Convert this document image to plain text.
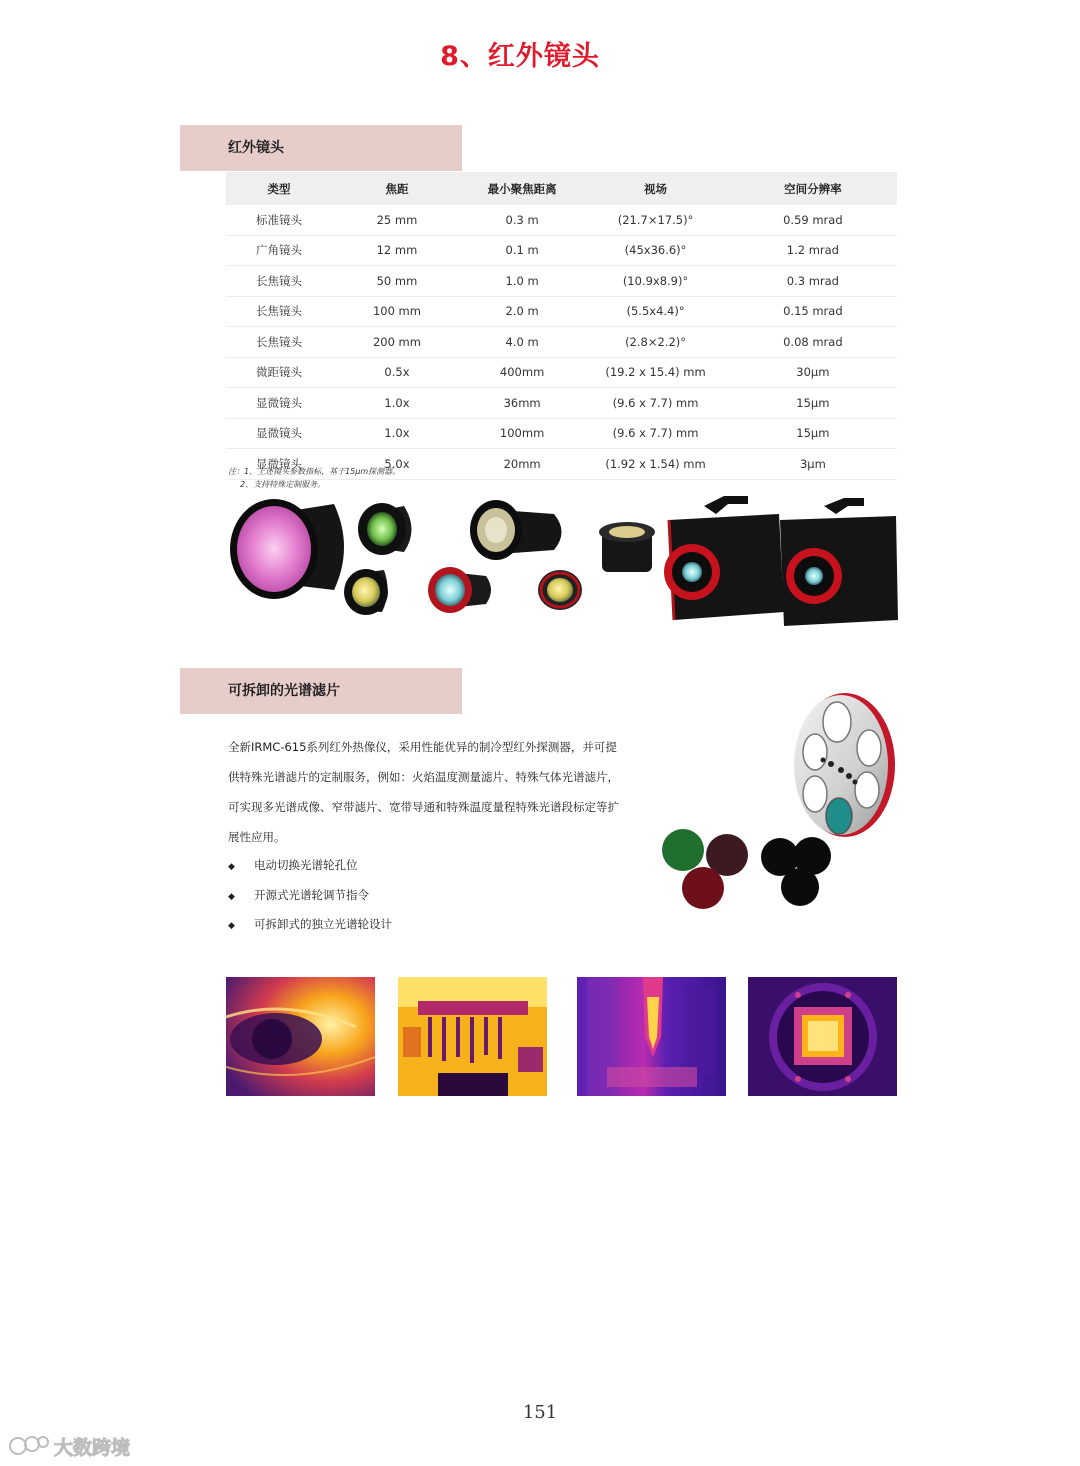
8、红外镜头
红外镜头
类型	焦距	最小聚焦距离	视场	空间分辨率
标准镜头	25 mm	0.3 m	(21.7×17.5)°	0.59 mrad
广角镜头	12 mm	0.1 m	(45x36.6)°	1.2 mrad
长焦镜头	50 mm	1.0 m	(10.9x8.9)°	0.3 mrad
长焦镜头	100 mm	2.0 m	(5.5x4.4)°	0.15 mrad
长焦镜头	200 mm	4.0 m	(2.8×2.2)°	0.08 mrad
微距镜头	0.5x	400mm	(19.2 x 15.4) mm	30μm
显微镜头	1.0x	36mm	(9.6 x 7.7) mm	15μm
显微镜头	1.0x	100mm	(9.6 x 7.7) mm	15μm
显微镜头	5.0x	20mm	(1.92 x 1.54) mm	3μm
注：1、上述镜头参数指标，基于15μm探测器。
2、支持特殊定制服务。
可拆卸的光谱滤片
全新IRMC-615系列红外热像仪，采用性能优异的制冷型红外探测器，并可提
供特殊光谱滤片的定制服务，例如：火焰温度测量滤片、特殊气体光谱滤片，
可实现多光谱成像、窄带滤片、宽带导通和特殊温度量程特殊光谱段标定等扩
展性应用。
◆ 电动切换光谱轮孔位
◆ 开源式光谱轮调节指令
◆ 可拆卸式的独立光谱轮设计
151
大数跨境
